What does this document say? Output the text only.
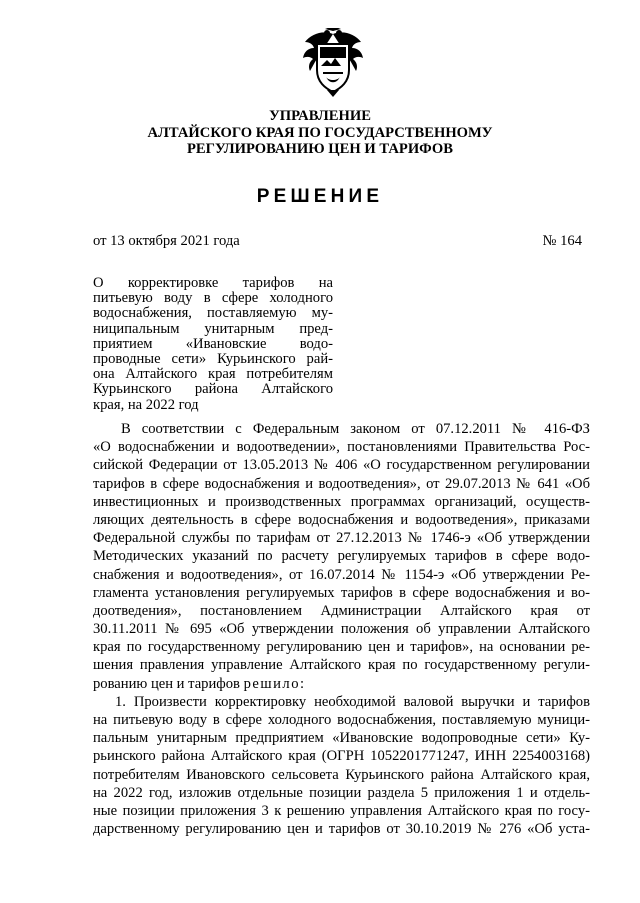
УПРАВЛЕНИЕ
АЛТАЙСКОГО КРАЯ ПО ГОСУДАРСТВЕННОМУ
РЕГУЛИРОВАНИЮ ЦЕН И ТАРИФОВ
РЕШЕНИЕ
от 13 октября 2021 года	№ 164
О корректировке тарифов на
питьевую воду в сфере холодного
водоснабжения, поставляемую му-
ниципальным унитарным пред-
приятием «Ивановские водо-
проводные сети» Курьинского рай-
она Алтайского края потребителям
Курьинского района Алтайского
края, на 2022 год
В соответствии с Федеральным законом от 07.12.2011 № 416-ФЗ
«О водоснабжении и водоотведении», постановлениями Правительства Рос-
сийской Федерации от 13.05.2013 № 406 «О государственном регулировании
тарифов в сфере водоснабжения и водоотведения», от 29.07.2013 № 641 «Об
инвестиционных и производственных программах организаций, осуществ-
ляющих деятельность в сфере водоснабжения и водоотведения», приказами
Федеральной службы по тарифам от 27.12.2013 № 1746-э «Об утверждении
Методических указаний по расчету регулируемых тарифов в сфере водо-
снабжения и водоотведения», от 16.07.2014 № 1154-э «Об утверждении Ре-
гламента установления регулируемых тарифов в сфере водоснабжения и во-
доотведения», постановлением Администрации Алтайского края от
30.11.2011 № 695 «Об утверждении положения об управлении Алтайского
края по государственному регулированию цен и тарифов», на основании ре-
шения правления управление Алтайского края по государственному регули-
рованию цен и тарифов решило:
1. Произвести корректировку необходимой валовой выручки и тарифов
на питьевую воду в сфере холодного водоснабжения, поставляемую муници-
пальным унитарным предприятием «Ивановские водопроводные сети» Ку-
рьинского района Алтайского края (ОГРН 1052201771247, ИНН 2254003168)
потребителям Ивановского сельсовета Курьинского района Алтайского края,
на 2022 год, изложив отдельные позиции раздела 5 приложения 1 и отдель-
ные позиции приложения 3 к решению управления Алтайского края по госу-
дарственному регулированию цен и тарифов от 30.10.2019 № 276 «Об уста-
